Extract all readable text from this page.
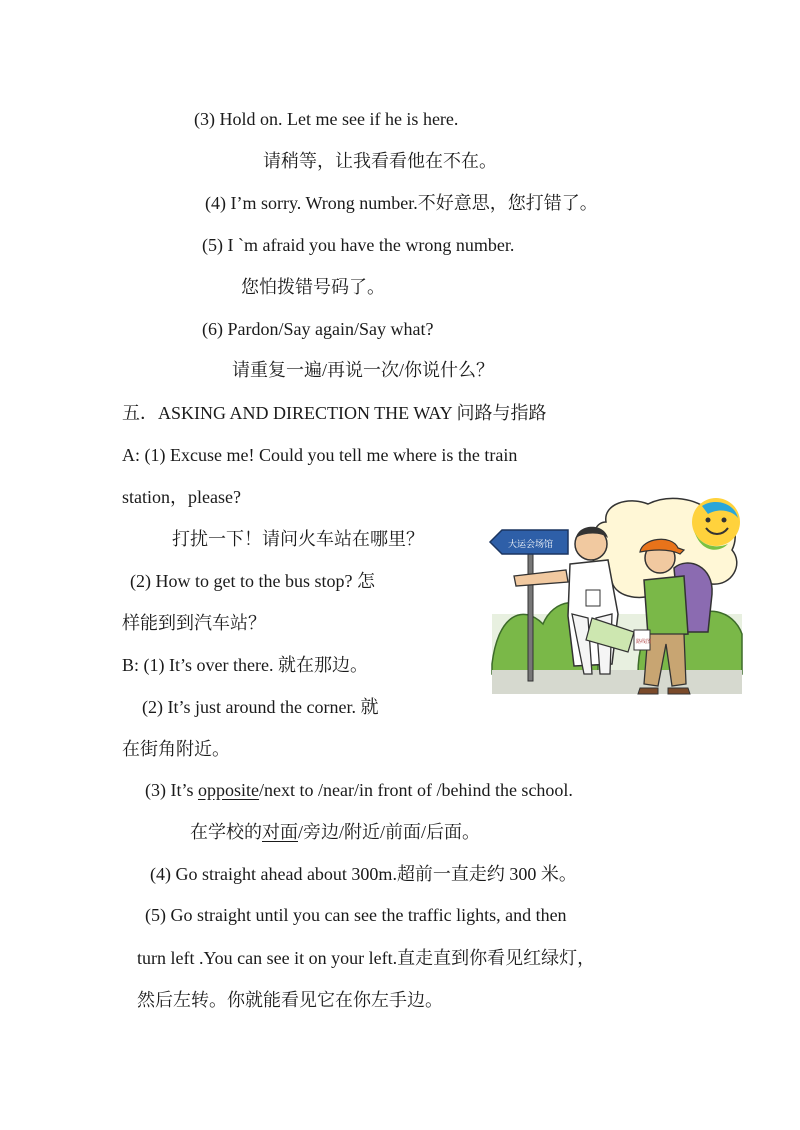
(3) Hold on. Let me see if he is here.
请稍等，让我看看他在不在。
(4) I’m sorry. Wrong number.不好意思，您打错了。
(5) I `m afraid you have the wrong number.
您怕拨错号码了。
(6) Pardon/Say again/Say what?
请重复一遍/再说一次/你说什么？
五．ASKING AND DIRECTION THE WAY 问路与指路
A: (1) Excuse me! Could you tell me where is the train
station，please?
打扰一下！请问火车站在哪里？
(2) How to get to the bus stop? 怎
样能到到汽车站？
B: (1) It’s over there. 就在那边。
(2) It’s just around the corner. 就
在街角附近。
(3) It’s opposite/next to /near/in front of /behind the school.
在学校的对面/旁边/附近/前面/后面。
(4) Go straight ahead about 300m.超前一直走约 300 米。
(5) Go straight until you can see the traffic lights, and then
turn left .You can see it on your left.直走直到你看见红绿灯，
然后左转。你就能看见它在你左手边。
大运会场馆
路线图
